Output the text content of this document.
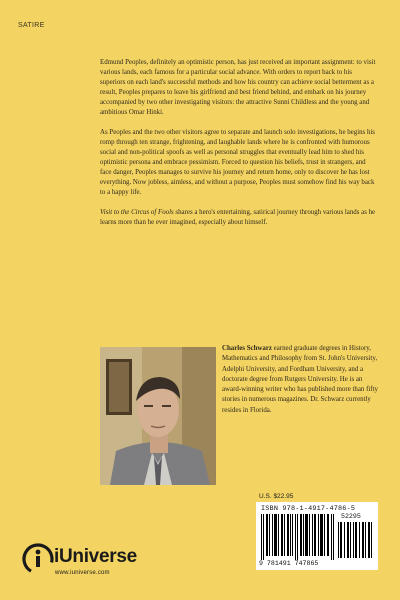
SATIRE

Edmund Peoples, definitely an optimistic person, has just received an important assignment: to visit various lands, each famous for a particular social advance. With orders to report back to his superiors on each land's successful methods and how his country can achieve social betterment as a result, Peoples prepares to leave his girlfriend and best friend behind, and embark on his journey accompanied by two other investigating visitors: the attractive Sunni Childless and the young and ambitious Omar Hinki.

As Peoples and the two other visitors agree to separate and launch solo investigations, he begins his romp through ten strange, frightening, and laughable lands where he is confronted with humorous social and non-political spoofs as well as personal struggles that eventually lead him to shed his optimistic persona and embrace pessimism. Forced to question his beliefs, trust in strangers, and face danger, Peoples manages to survive his journey and return home, only to discover he has lost everything. Now jobless, aimless, and without a purpose, Peoples must somehow find his way back to a happy life.

Visit to the Circus of Fools shares a hero's entertaining, satirical journey through various lands as he learns more than he ever imagined, especially about himself.

Charles Schwarz earned graduate degrees in History, Mathematics and Philosophy from St. John's University, Adelphi University, and Fordham University, and a doctorate degree from Rutgers University. He is an award-winning writer who has published more than fifty stories in numerous magazines. Dr. Schwarz currently resides in Florida.
U.S. $22.95
ISBN 978-1-4917-4786-5
52295
9 781491 747865
iUniverse
www.iuniverse.com
